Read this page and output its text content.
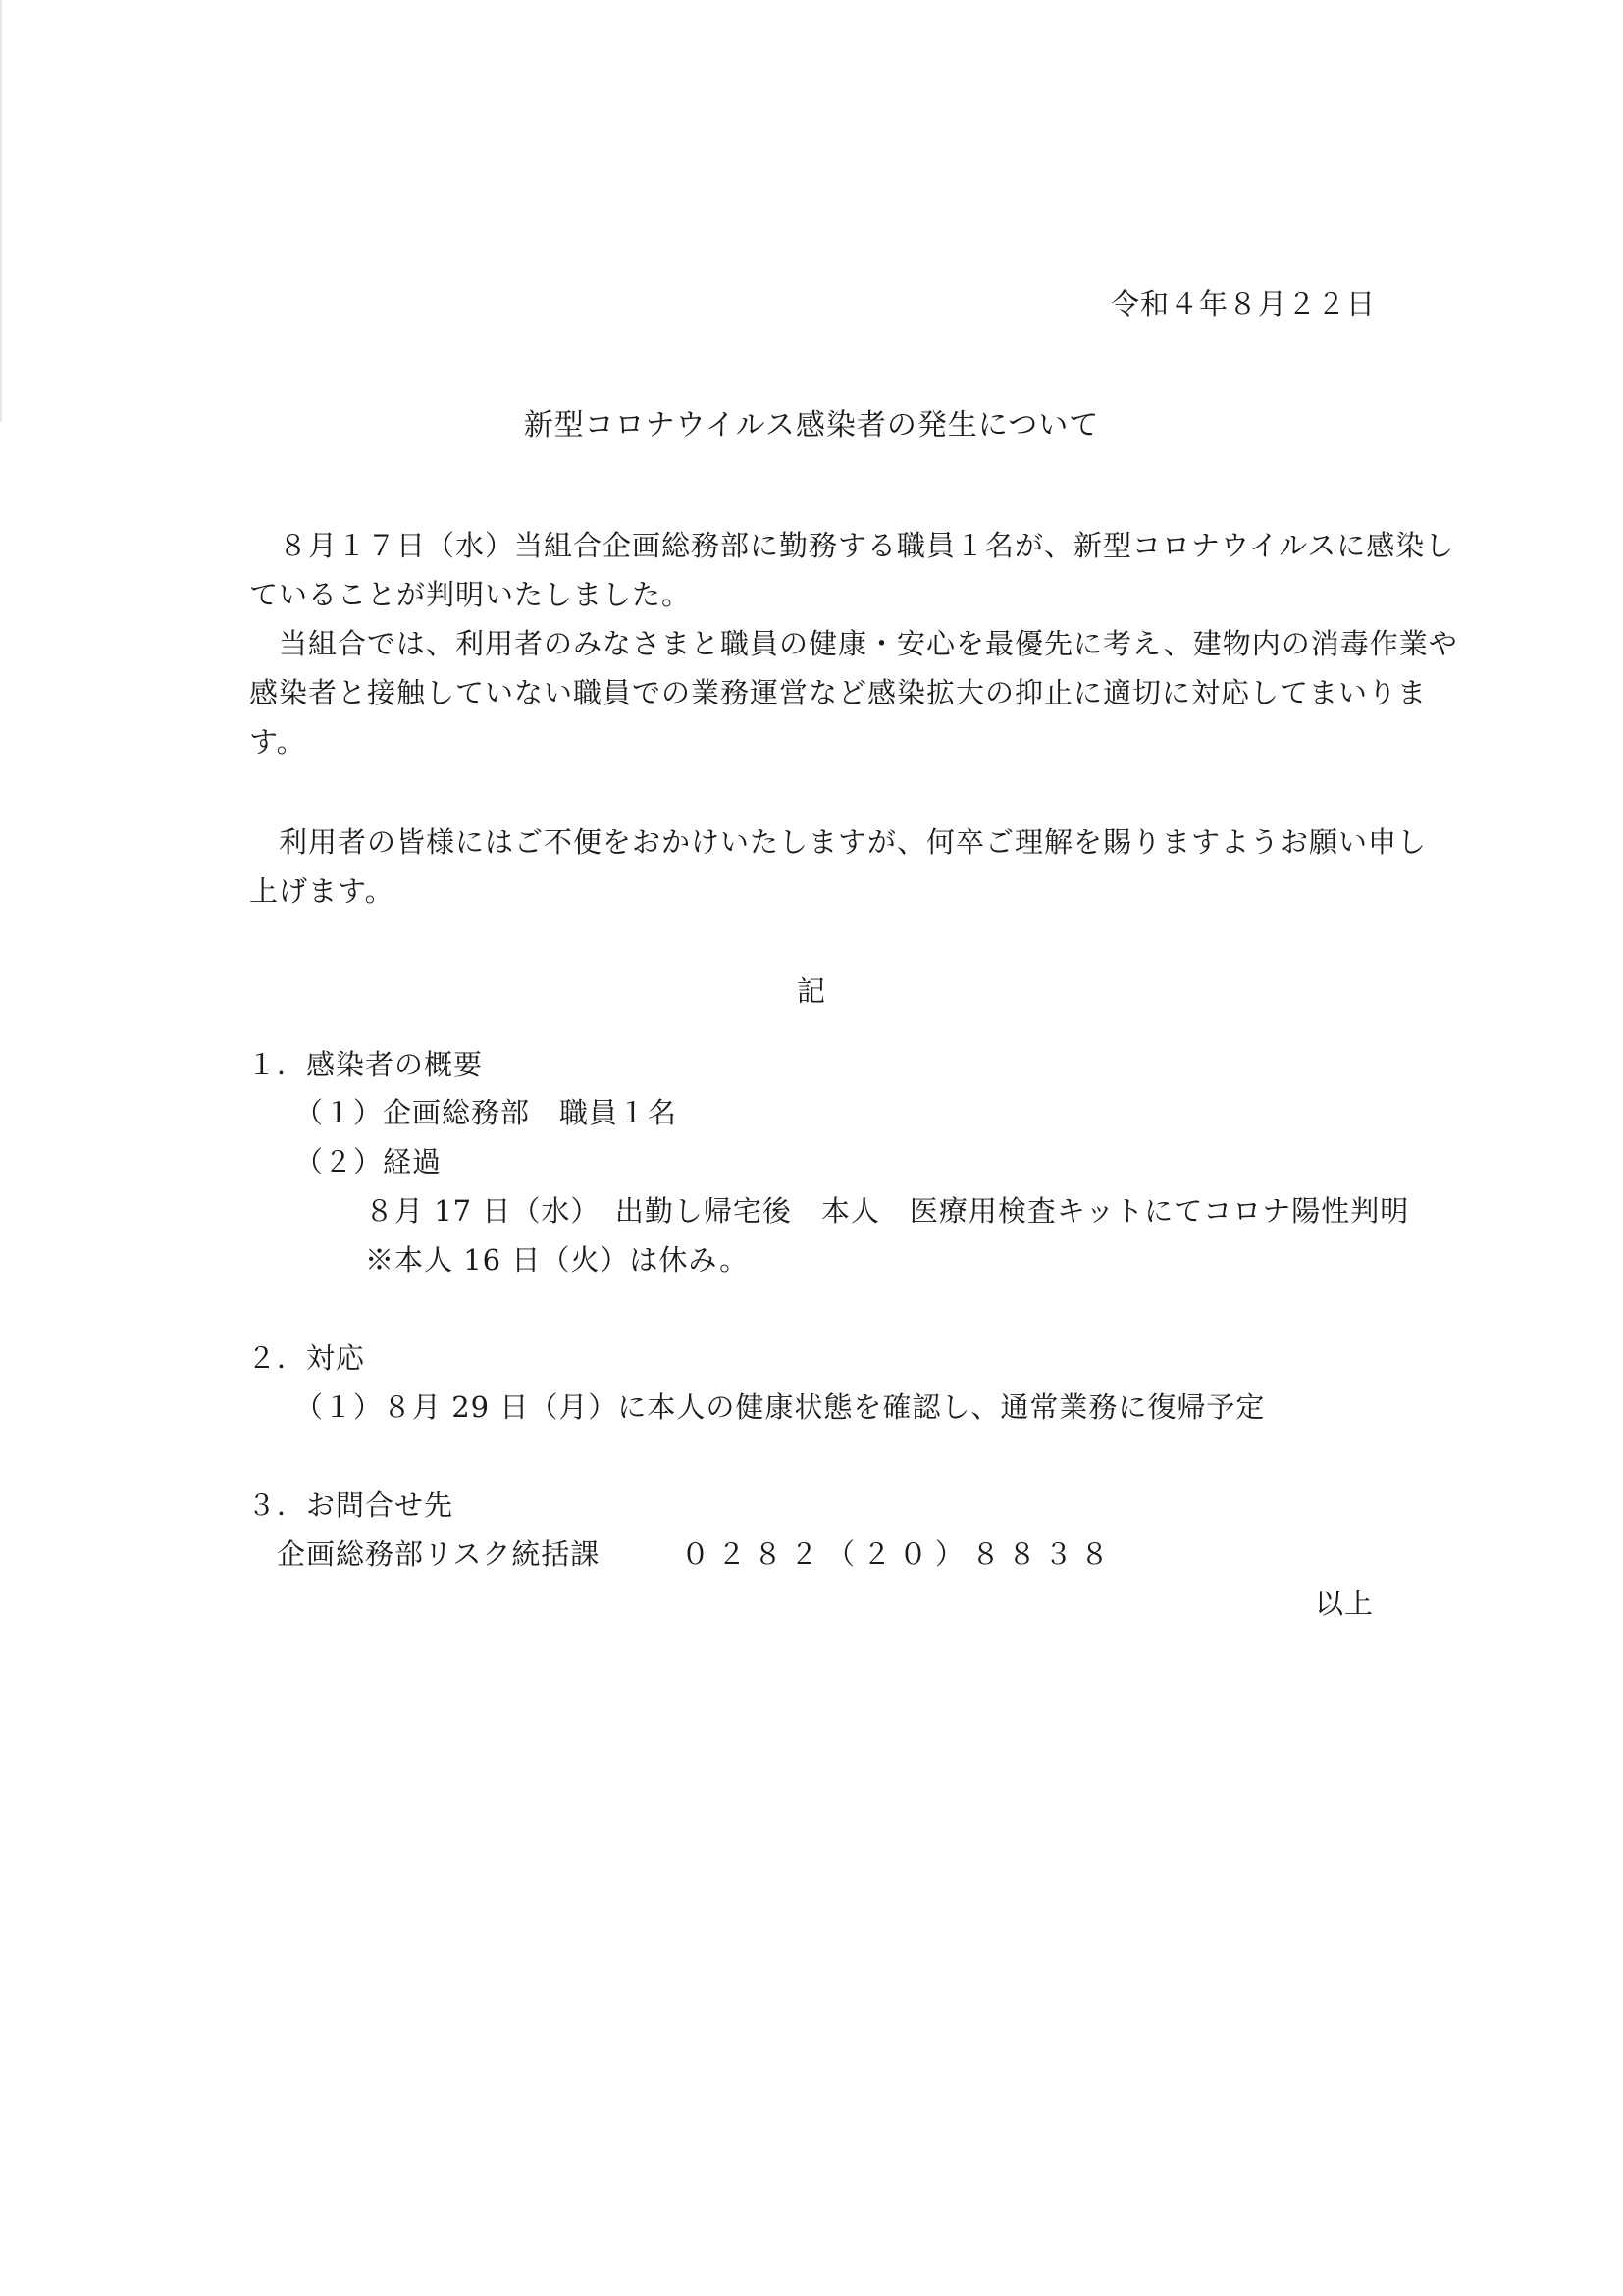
令和４年８月２２日
新型コロナウイルス感染者の発生について
　８月１７日（水）当組合企画総務部に勤務する職員１名が、新型コロナウイルスに感染し
ていることが判明いたしました。
　当組合では、利用者のみなさまと職員の健康・安心を最優先に考え、建物内の消毒作業や
感染者と接触していない職員での業務運営など感染拡大の抑止に適切に対応してまいりま
す。
　利用者の皆様にはご不便をおかけいたしますが、何卒ご理解を賜りますようお願い申し
上げます。
記
１．感染者の概要
（１）企画総務部　職員１名
（２）経過
８月 17 日（水）　出勤し帰宅後　本人　医療用検査キットにてコロナ陽性判明
※本人 16 日（火）は休み。
２．対応
（１）８月 29 日（月）に本人の健康状態を確認し、通常業務に復帰予定
３．お問合せ先
企画総務部リスク統括課	０２８２（２０）８８３８
以上
